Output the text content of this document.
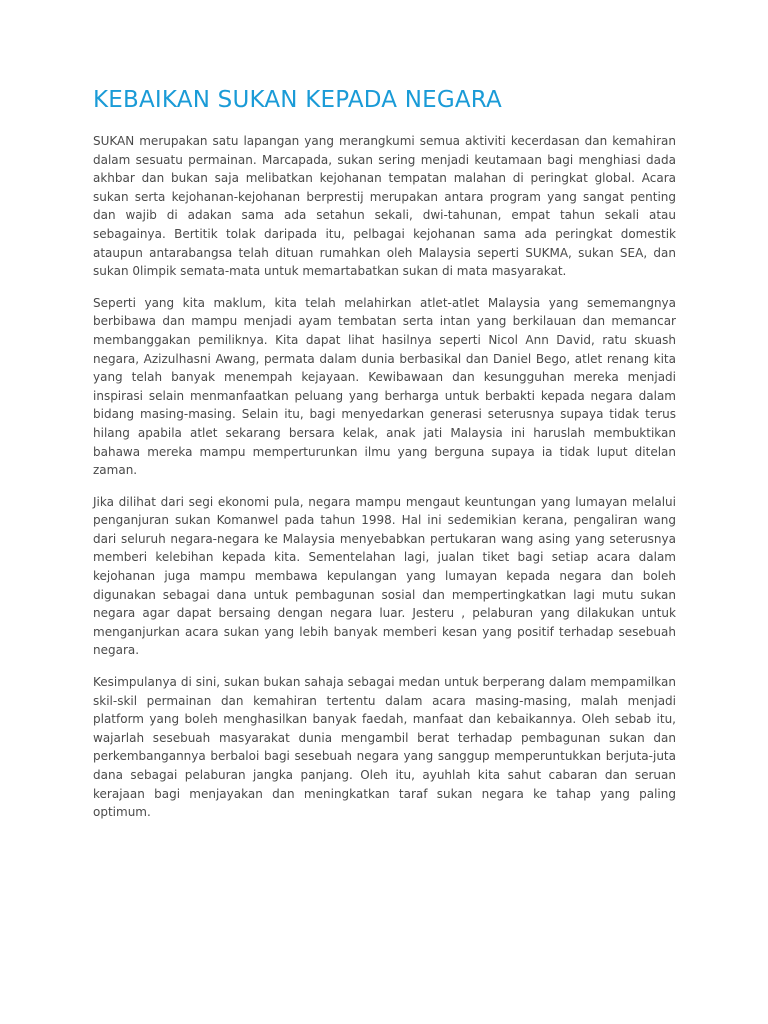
KEBAIKAN SUKAN KEPADA NEGARA

SUKAN merupakan satu lapangan yang merangkumi semua aktiviti kecerdasan dan kemahiran dalam sesuatu permainan. Marcapada, sukan sering menjadi keutamaan bagi menghiasi dada akhbar dan bukan saja melibatkan kejohanan tempatan malahan di peringkat global. Acara sukan serta kejohanan-kejohanan berprestij merupakan antara program yang sangat penting dan wajib di adakan sama ada setahun sekali, dwi-tahunan, empat tahun sekali atau sebagainya. Bertitik tolak daripada itu, pelbagai kejohanan sama ada peringkat domestik ataupun antarabangsa telah dituan rumahkan oleh Malaysia seperti SUKMA, sukan SEA, dan sukan 0limpik semata-mata untuk memartabatkan sukan di mata masyarakat.

Seperti yang kita maklum, kita telah melahirkan atlet-atlet Malaysia yang sememangnya berbibawa dan mampu menjadi ayam tembatan serta intan yang berkilauan dan memancar membanggakan pemiliknya. Kita dapat lihat hasilnya seperti Nicol Ann David, ratu skuash negara, Azizulhasni Awang, permata dalam dunia berbasikal dan Daniel Bego, atlet renang kita yang telah banyak menempah kejayaan. Kewibawaan dan kesungguhan mereka menjadi inspirasi selain menmanfaatkan peluang yang berharga untuk berbakti kepada negara dalam bidang masing-masing. Selain itu, bagi menyedarkan generasi seterusnya supaya tidak terus hilang apabila atlet sekarang bersara kelak, anak jati Malaysia ini haruslah membuktikan bahawa mereka mampu memperturunkan ilmu yang berguna supaya ia tidak luput ditelan zaman.

Jika dilihat dari segi ekonomi pula, negara mampu mengaut keuntungan yang lumayan melalui penganjuran sukan Komanwel pada tahun 1998. Hal ini sedemikian kerana, pengaliran wang dari seluruh negara-negara ke Malaysia menyebabkan pertukaran wang asing yang seterusnya memberi kelebihan kepada kita. Sementelahan lagi, jualan tiket bagi setiap acara dalam kejohanan juga mampu membawa kepulangan yang lumayan kepada negara dan boleh digunakan sebagai dana untuk pembagunan sosial dan mempertingkatkan lagi mutu sukan negara agar dapat bersaing dengan negara luar. Jesteru , pelaburan yang dilakukan untuk menganjurkan acara sukan yang lebih banyak memberi kesan yang positif terhadap sesebuah negara.

Kesimpulanya di sini, sukan bukan sahaja sebagai medan untuk berperang dalam mempamilkan skil-skil permainan dan kemahiran tertentu dalam acara masing-masing, malah menjadi platform yang boleh menghasilkan banyak faedah, manfaat dan kebaikannya. Oleh sebab itu, wajarlah sesebuah masyarakat dunia mengambil berat terhadap pembagunan sukan dan perkembangannya berbaloi bagi sesebuah negara yang sanggup memperuntukkan berjuta-juta dana sebagai pelaburan jangka panjang. Oleh itu, ayuhlah kita sahut cabaran dan seruan kerajaan bagi menjayakan dan meningkatkan taraf sukan negara ke tahap yang paling optimum.
